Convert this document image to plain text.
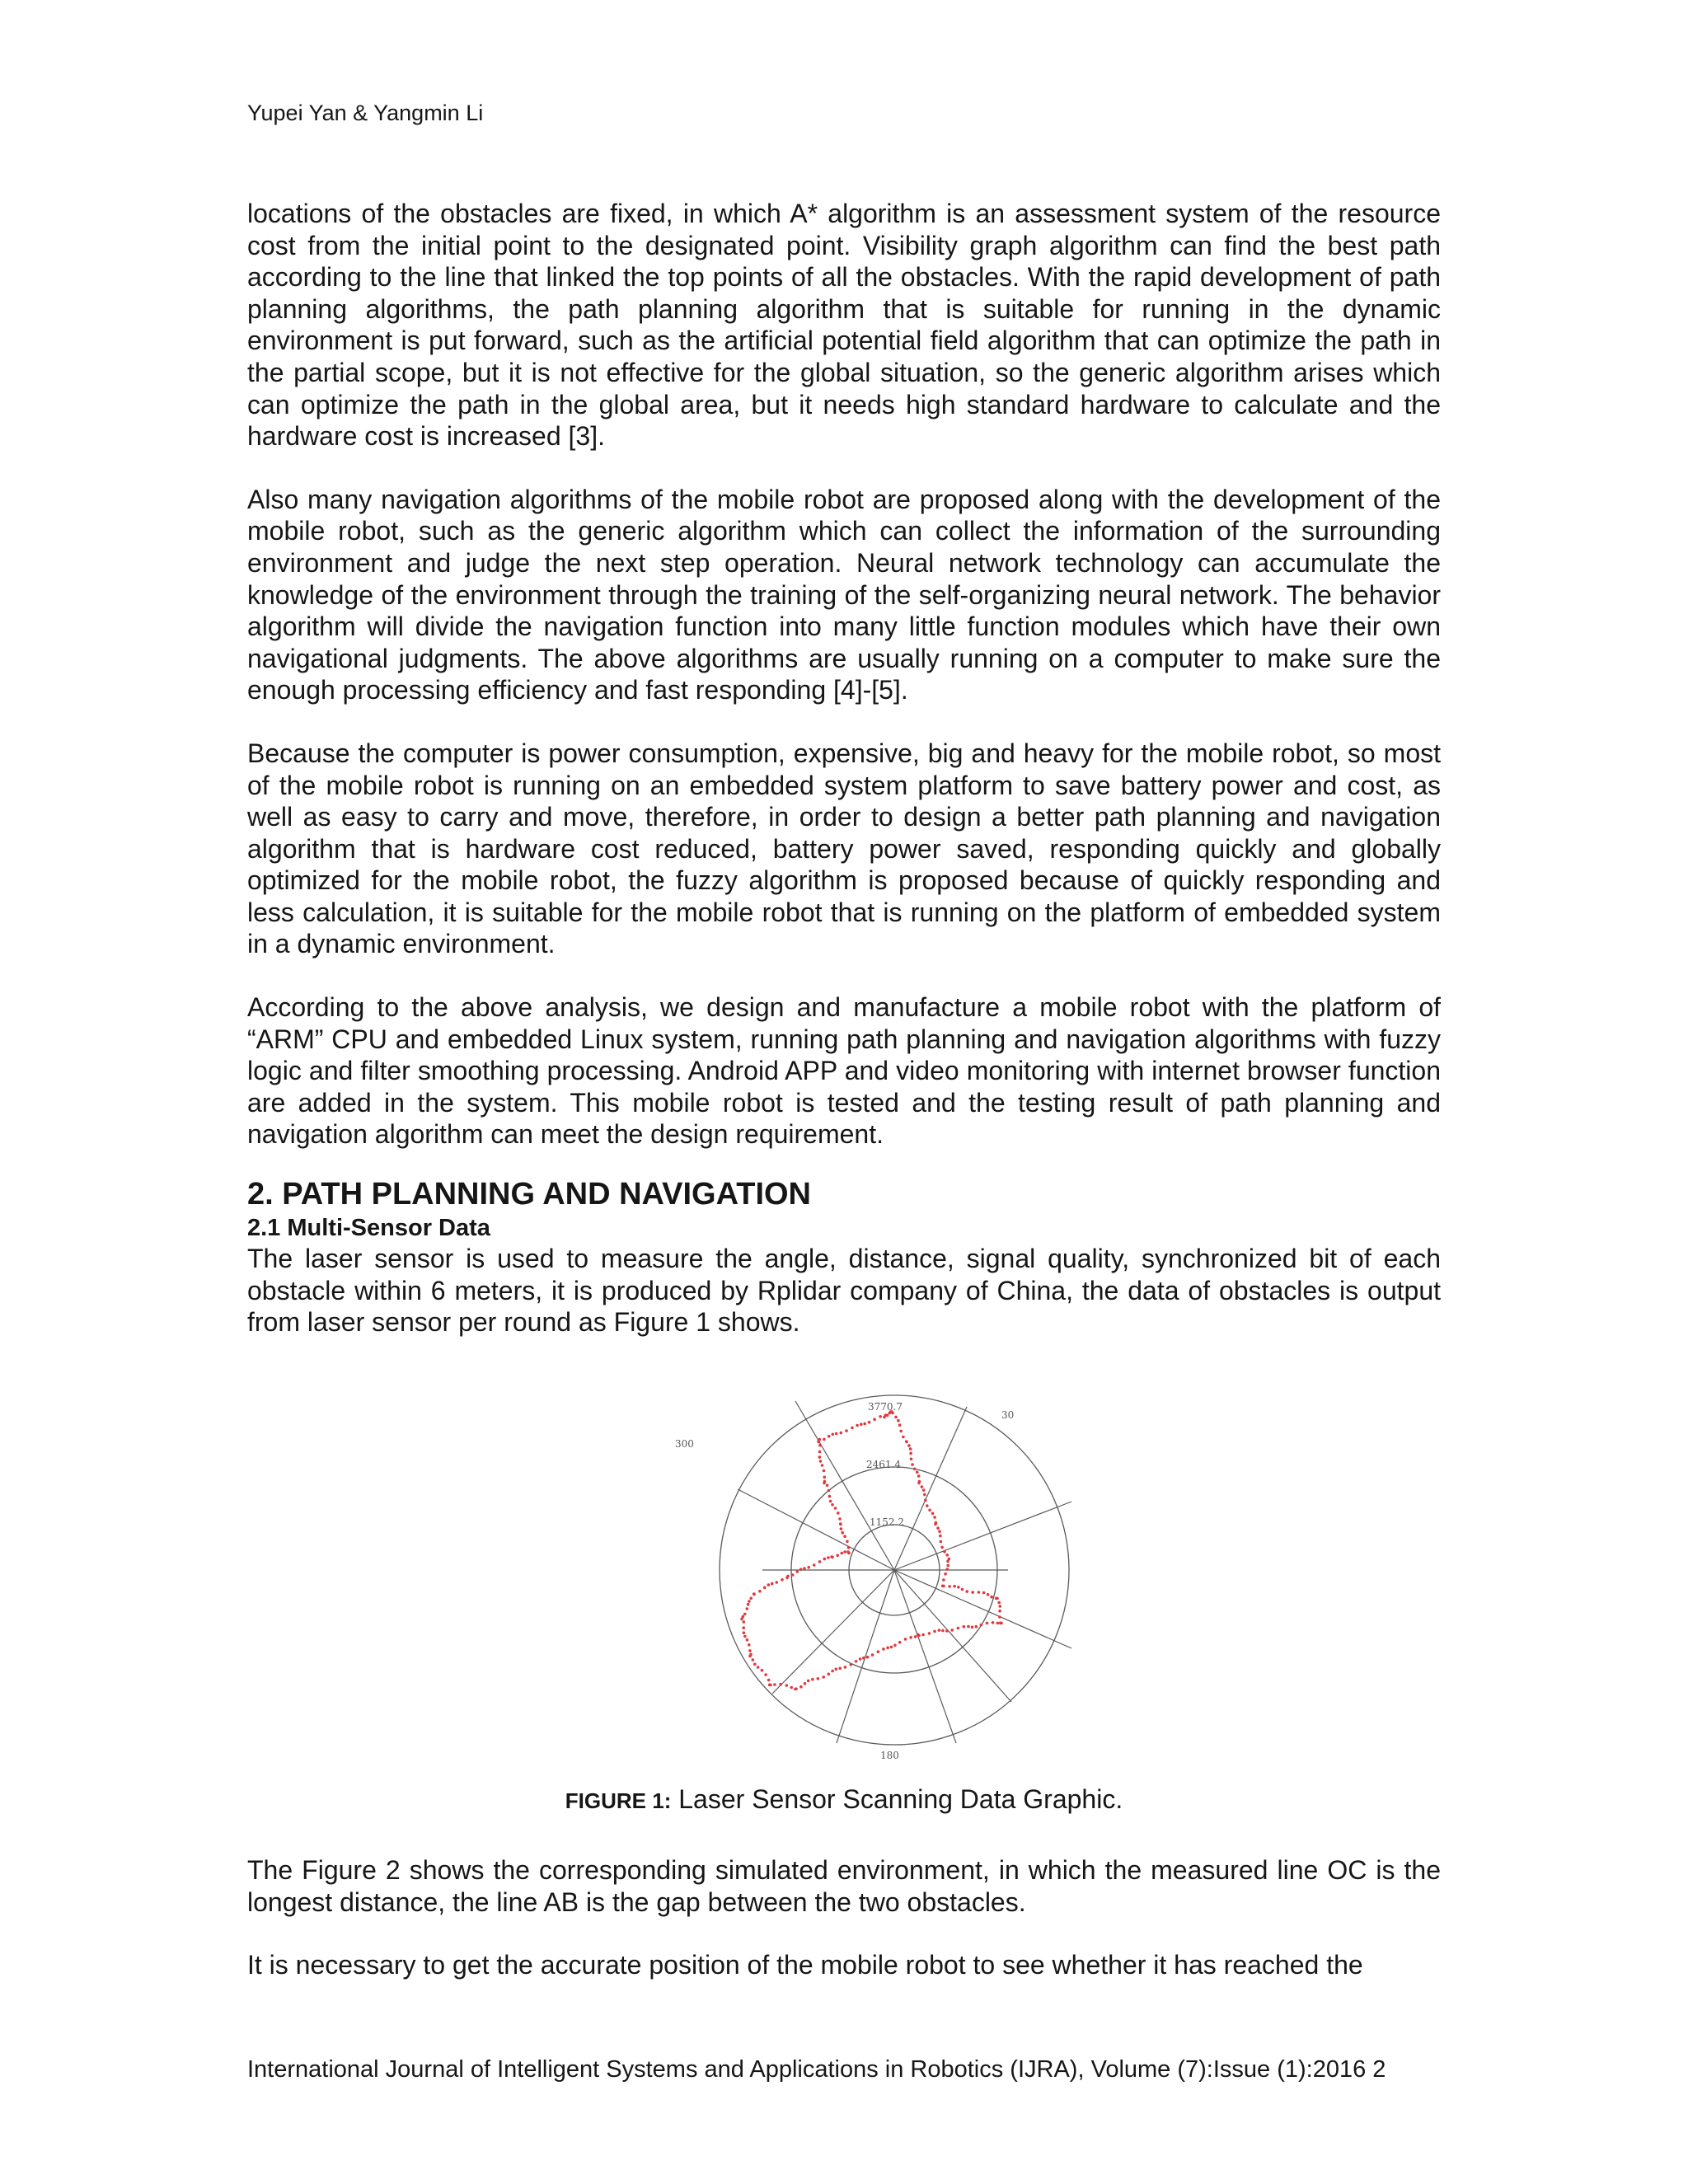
Yupei Yan & Yangmin Li

locations of the obstacles are fixed, in which A* algorithm is an assessment system of the resource cost from the initial point to the designated point. Visibility graph algorithm can find the best path according to the line that linked the top points of all the obstacles. With the rapid development of path planning algorithms, the path planning algorithm that is suitable for running in the dynamic environment is put forward, such as the artificial potential field algorithm that can optimize the path in the partial scope, but it is not effective for the global situation, so the generic algorithm arises which can optimize the path in the global area, but it needs high standard hardware to calculate and the hardware cost is increased [3].

Also many navigation algorithms of the mobile robot are proposed along with the development of the mobile robot, such as the generic algorithm which can collect the information of the surrounding environment and judge the next step operation. Neural network technology can accumulate the knowledge of the environment through the training of the self-organizing neural network. The behavior algorithm will divide the navigation function into many little function modules which have their own navigational judgments. The above algorithms are usually running on a computer to make sure the enough processing efficiency and fast responding [4]-[5].

Because the computer is power consumption, expensive, big and heavy for the mobile robot, so most of the mobile robot is running on an embedded system platform to save battery power and cost, as well as easy to carry and move, therefore, in order to design a better path planning and navigation algorithm that is hardware cost reduced, battery power saved, responding quickly and globally optimized for the mobile robot, the fuzzy algorithm is proposed because of quickly responding and less calculation, it is suitable for the mobile robot that is running on the platform of embedded system in a dynamic environment.

According to the above analysis, we design and manufacture a mobile robot with the platform of “ARM” CPU and embedded Linux system, running path planning and navigation algorithms with fuzzy logic and filter smoothing processing. Android APP and video monitoring with internet browser function are added in the system. This mobile robot is tested and the testing result of path planning and navigation algorithm can meet the design requirement.

2. PATH PLANNING AND NAVIGATION
2.1 Multi-Sensor Data

The laser sensor is used to measure the angle, distance, signal quality, synchronized bit of each obstacle within 6 meters, it is produced by Rplidar company of China, the data of obstacles is output from laser sensor per round as Figure 1 shows.

3770.7
2461.4
1152.2
30
300
180
FIGURE 1: Laser Sensor Scanning Data Graphic.

The Figure 2 shows the corresponding simulated environment, in which the measured line OC is the longest distance, the line AB is the gap between the two obstacles.

It is necessary to get the accurate position of the mobile robot to see whether it has reached the

International Journal of Intelligent Systems and Applications in Robotics (IJRA), Volume (7):Issue (1):2016 2
